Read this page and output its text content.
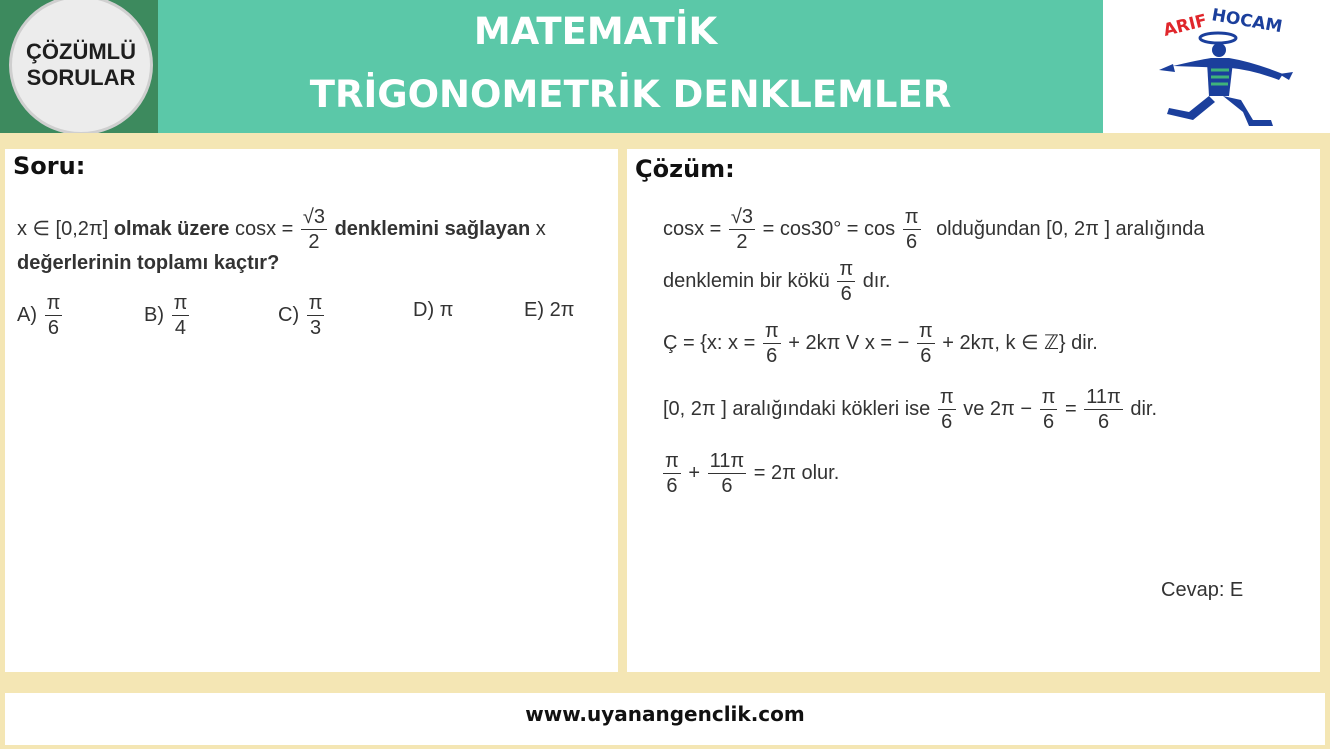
ÇÖZÜMLÜ
SORULAR
MATEMATİK
TRİGONOMETRİK DENKLEMLER
ARIF HOCAM
Soru:
x ∈ [0,2π] olmak üzere $\cos x = \frac{√3}{2}$ denklemini sağlayan x
değerlerinin toplamı kaçtır?
$A) \frac{\pi}{6}$	$B) \frac{\pi}{4}$	$C) \frac{\pi}{3}$	D) π	E) 2π
Çözüm:
$\cos x = \frac{√3}{2} = \cos 30^\circ = \cos \frac{\pi}{6}$ olduğundan [0, 2π ] aralığında
denklemin bir kökü $\frac{\pi}{6}$ dır.
Ç = {x: $x = \frac{\pi}{6} + 2k\pi$ V x = − $\frac{\pi}{6} + 2k\pi$, k ∈ ℤ} dir.
[0, 2π ] aralığındaki kökleri ise $\frac{\pi}{6}$ ve $2\pi - \frac{\pi}{6} = \frac{11\pi}{6}$ dir.
$\frac{\pi}{6} + \frac{11\pi}{6} = 2\pi$ olur.
Cevap: E
www.uyanangenclik.com
